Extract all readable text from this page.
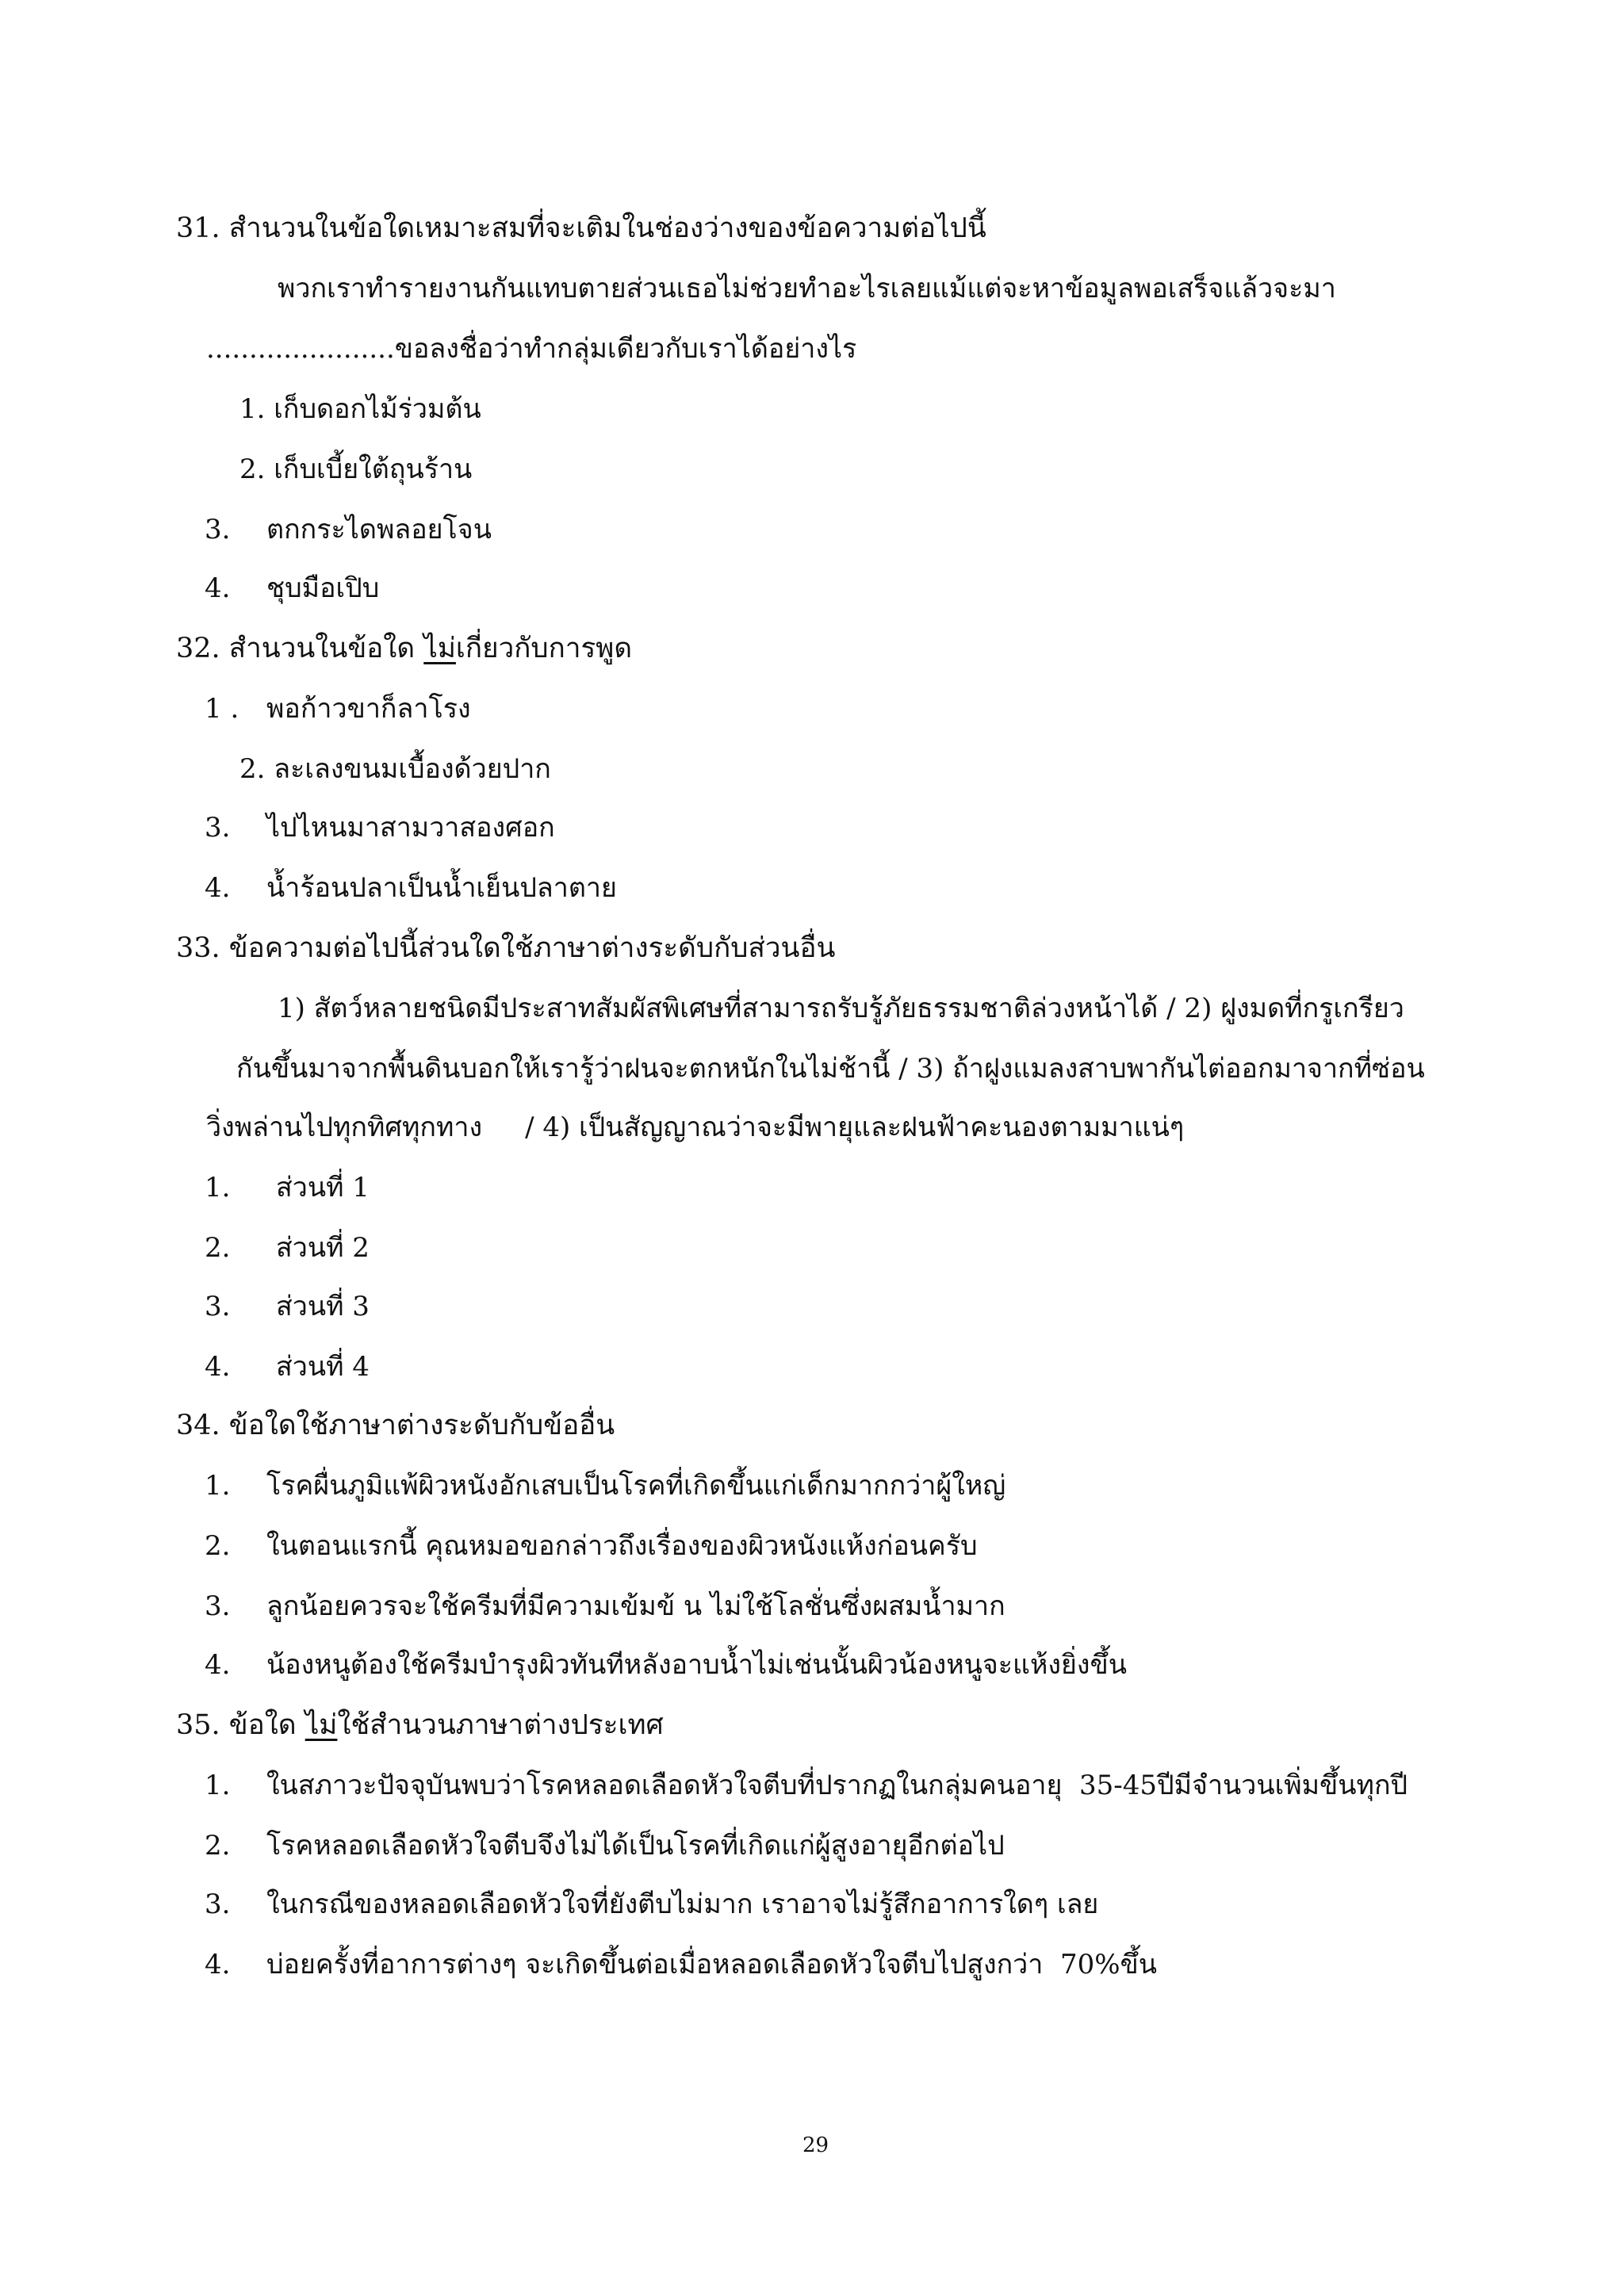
31. สำนวนในข้อใดเหมาะสมที่จะเติมในช่องว่างของข้อความต่อไปนี้
พวกเราทำรายงานกันแทบตายส่วนเธอไม่ช่วยทำอะไรเลยแม้แต่จะหาข้อมูลพอเสร็จแล้วจะมา
......................ขอลงชื่อว่าทำกลุ่มเดียวกับเราได้อย่างไร
1. เก็บดอกไม้ร่วมต้น
2. เก็บเบี้ยใต้ถุนร้าน
3. ตกกระไดพลอยโจน
4. ชุบมือเปิบ
32. สำนวนในข้อใด ไม่เกี่ยวกับการพูด
1 . พอก้าวขาก็ลาโรง
2. ละเลงขนมเบื้องด้วยปาก
3. ไปไหนมาสามวาสองศอก
4. น้ำร้อนปลาเป็นน้ำเย็นปลาตาย
33. ข้อความต่อไปนี้ส่วนใดใช้ภาษาต่างระดับกับส่วนอื่น
1) สัตว์หลายชนิดมีประสาทสัมผัสพิเศษที่สามารถรับรู้ภัยธรรมชาติล่วงหน้าได้ / 2) ฝูงมดที่กรูเกรียว
กันขึ้นมาจากพื้นดินบอกให้เรารู้ว่าฝนจะตกหนักในไม่ช้านี้ / 3) ถ้าฝูงแมลงสาบพากันไต่ออกมาจากที่ซ่อน
วิ่งพล่านไปทุกทิศทุกทาง     / 4) เป็นสัญญาณว่าจะมีพายุและฝนฟ้าคะนองตามมาแน่ๆ
1. ส่วนที่ 1
2. ส่วนที่ 2
3. ส่วนที่ 3
4. ส่วนที่ 4
34. ข้อใดใช้ภาษาต่างระดับกับข้ออื่น
1. โรคผื่นภูมิแพ้ผิวหนังอักเสบเป็นโรคที่เกิดขึ้นแก่เด็กมากกว่าผู้ใหญ่
2. ในตอนแรกนี้ คุณหมอขอกล่าวถึงเรื่องของผิวหนังแห้งก่อนครับ
3. ลูกน้อยควรจะใช้ครีมที่มีความเข้มข้ น ไม่ใช้โลชั่นซึ่งผสมน้ำมาก
4. น้องหนูต้องใช้ครีมบำรุงผิวทันทีหลังอาบน้ำไม่เช่นนั้นผิวน้องหนูจะแห้งยิ่งขึ้น
35. ข้อใด ไม่ใช้สำนวนภาษาต่างประเทศ
1. ในสภาวะปัจจุบันพบว่าโรคหลอดเลือดหัวใจตีบที่ปรากฏในกลุ่มคนอายุ  35-45ปีมีจำนวนเพิ่มขึ้นทุกปี
2. โรคหลอดเลือดหัวใจตีบจึงไม่ได้เป็นโรคที่เกิดแก่ผู้สูงอายุอีกต่อไป
3. ในกรณีของหลอดเลือดหัวใจที่ยังตีบไม่มาก เราอาจไม่รู้สึกอาการใดๆ เลย
4. บ่อยครั้งที่อาการต่างๆ จะเกิดขึ้นต่อเมื่อหลอดเลือดหัวใจตีบไปสูงกว่า  70%ขึ้น
29
